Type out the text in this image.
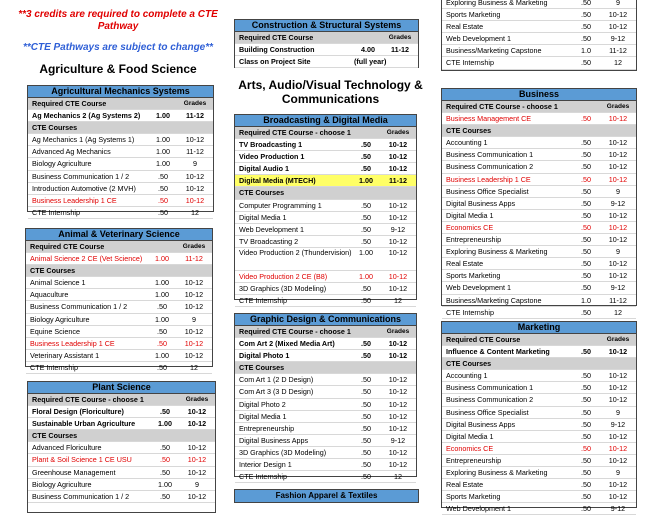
**3 credits are required to complete a CTE Pathway
**CTE Pathways are subject to change**
Agriculture & Food Science
Arts, Audio/Visual Technology & Communications
Agricultural Mechanics Systems
Required CTE Course	Grades
Ag Mechanics 2 (Ag Systems 2)	1.00	11-12
CTE Courses
Ag Mechanics 1 (Ag Systems 1)	1.00	10-12
Advanced Ag Mechanics	1.00	11-12
Biology Agriculture	1.00	9
Business Communication 1 / 2	.50	10-12
Introduction Automotive (2 MVH)	.50	10-12
Business Leadership 1 CE	.50	10-12
CTE Internship	.50	12
Animal & Veterinary Science
Required CTE Course	Grades
Animal Science 2 CE (Vet Science)	1.00	11-12
CTE Courses
Animal Science 1	1.00	10-12
Aquaculture	1.00	10-12
Business Communication 1 / 2	.50	10-12
Biology Agriculture	1.00	9
Equine Science	.50	10-12
Business Leadership 1 CE	.50	10-12
Veterinary Assistant 1	1.00	10-12
CTE Internship	.50	12
Plant Science
Required CTE Course - choose 1	Grades
Floral Design (Floriculture)	.50	10-12
Sustainable Urban Agriculture	1.00	10-12
CTE Courses
Advanced Floriculture	.50	10-12
Plant & Soil Science 1 CE USU	.50	10-12
Greenhouse Management	.50	10-12
Biology Agriculture	1.00	9
Business Communication 1 / 2	.50	10-12
Construction & Structural Systems
Required CTE Course	Grades
Building Construction	4.00	11-12
Class on Project Site	(full year)
Broadcasting & Digital Media
Required CTE Course - choose 1	Grades
TV Broadcasting 1	.50	10-12
Video Production 1	.50	10-12
Digital Audio 1	.50	10-12
Digital Media (MTECH)	1.00	11-12
CTE Courses
Computer Programming 1	.50	10-12
Digital Media 1	.50	10-12
Web Development 1	.50	9-12
TV Broadcasting 2	.50	10-12
Video Production 2 (Thundervision)	1.00	10-12
Video Production 2 CE (B8)	1.00	10-12
3D Graphics (3D Modeling)	.50	10-12
CTE Internship	.50	12
Graphic Design & Communications
Required CTE Course - choose 1	Grades
Com Art 2 (Mixed Media Art)	.50	10-12
Digital Photo 1	.50	10-12
CTE Courses
Com Art 1 (2 D Design)	.50	10-12
Com Art 3 (3 D Design)	.50	10-12
Digital Photo 2	.50	10-12
Digital Media 1	.50	10-12
Entrepreneurship	.50	10-12
Digital Business Apps	.50	9-12
3D Graphics (3D Modeling)	.50	10-12
Interior Design 1	.50	10-12
CTE Internship	.50	12
Exploring Business & Marketing	.50	9
Sports Marketing	.50	10-12
Real Estate	.50	10-12
Web Development 1	.50	9-12
Business/Marketing Capstone	1.0	11-12
CTE Internship	.50	12
Business
Required CTE Course - choose 1	Grades
Business Management CE	.50	10-12
CTE Courses
Accounting 1	.50	10-12
Business Communication 1	.50	10-12
Business Communication 2	.50	10-12
Business Leadership 1 CE	.50	10-12
Business Office Specialist	.50	9
Digital Business Apps	.50	9-12
Digital Media 1	.50	10-12
Economics CE	.50	10-12
Entrepreneurship	.50	10-12
Exploring Business & Marketing	.50	9
Real Estate	.50	10-12
Sports Marketing	.50	10-12
Web Development 1	.50	9-12
Business/Marketing Capstone	1.0	11-12
CTE Internship	.50	12
Marketing
Required CTE Course	Grades
Influence & Content Marketing	.50	10-12
CTE Courses
Accounting 1	.50	10-12
Business Communication 1	.50	10-12
Business Communication 2	.50	10-12
Business Office Specialist	.50	9
Digital Business Apps	.50	9-12
Digital Media 1	.50	10-12
Economics CE	.50	10-12
Entrepreneurship	.50	10-12
Exploring Business & Marketing	.50	9
Real Estate	.50	10-12
Sports Marketing	.50	10-12
Web Development 1	.50	9-12
Fashion Apparel & Textiles
